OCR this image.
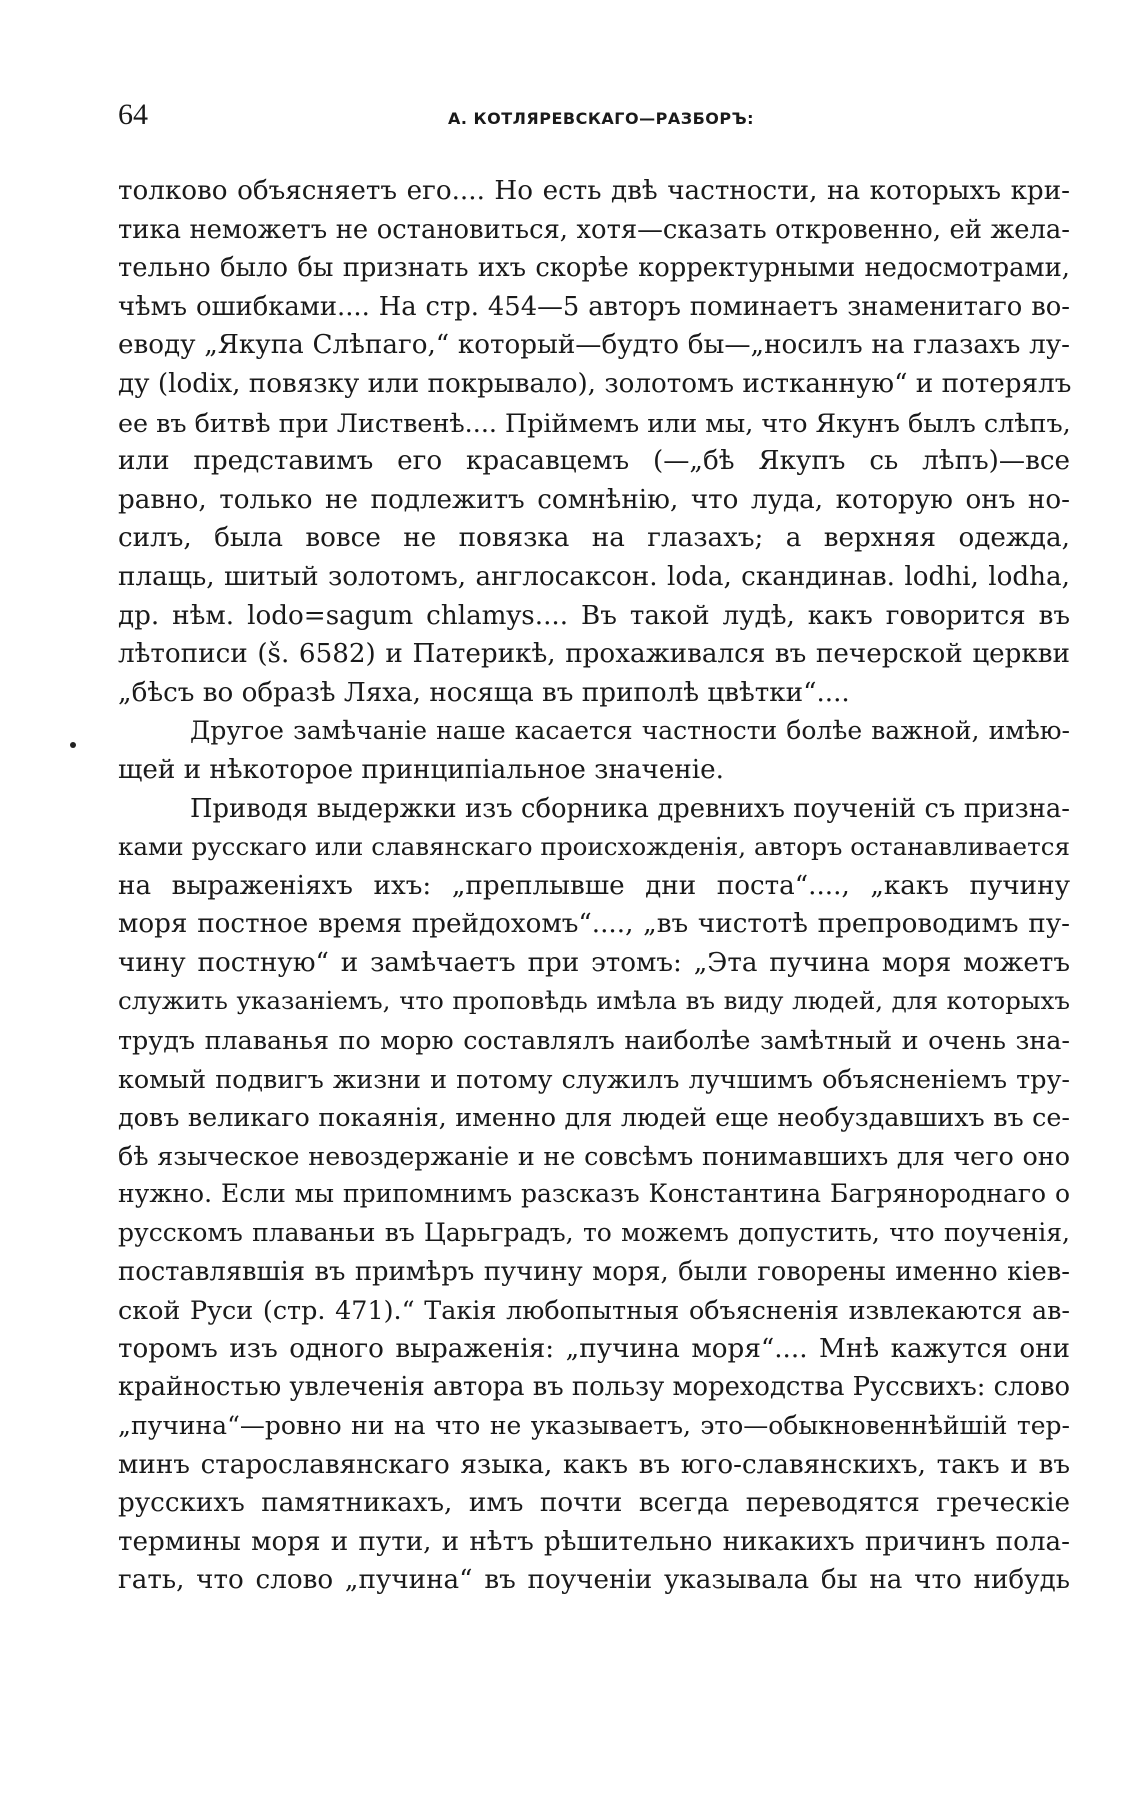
64	А. КОТЛЯРЕВСКАГО—РАЗБОРЪ:
толково объясняетъ его.... Но есть двѣ частности, на которыхъ кри-
тика неможетъ не остановиться, хотя—сказать откровенно, ей жела-
тельно было бы признать ихъ скорѣе корректурными недосмотрами,
чѣмъ ошибками.... На стр. 454—5 авторъ поминаетъ знаменитаго во-
еводу „Якупа Слѣпаго,“ который—будто бы—„носилъ на глазахъ лу-
ду (lodix, повязку или покрывало), золотомъ истканную“ и потерялъ
ее въ битвѣ при Лиственѣ.... Прiймемъ или мы, что Якунъ былъ слѣпъ,
или представимъ его красавцемъ (—„бѣ Якупъ сь лѣпъ)—все
равно, только не подлежитъ сомнѣнiю, что луда, которую онъ но-
силъ, была вовсе не повязка на глазахъ; а верхняя одежда,
плащь, шитый золотомъ, англосаксон. loda, скандинав. lodhi, lodha,
др. нѣм. lodo=sagum chlamys.... Въ такой лудѣ, какъ говорится въ
лѣтописи (š. 6582) и Патерикѣ, прохаживался въ печерской церкви
„бѣсъ во образѣ Ляха, носяща въ приполѣ цвѣтки“....
Другое замѣчанiе наше касается частности болѣе важной, имѣю-
щей и нѣкоторое принципiальное значенiе.
Приводя выдержки изъ сборника древнихъ поученiй съ призна-
ками русскаго или славянскаго происхожденiя, авторъ останавливается
на выраженiяхъ ихъ: „преплывше дни поста“...., „какъ пучину
моря постное время прейдохомъ“...., „въ чистотѣ препроводимъ пу-
чину постную“ и замѣчаетъ при этомъ: „Эта пучина моря можетъ
служить указанiемъ, что проповѣдь имѣла въ виду людей, для которыхъ
трудъ плаванья по морю составлялъ наиболѣе замѣтный и очень зна-
комый подвигъ жизни и потому служилъ лучшимъ объясненiемъ тру-
довъ великаго покаянiя, именно для людей еще необуздавшихъ въ се-
бѣ языческое невоздержанiе и не совсѣмъ понимавшихъ для чего оно
нужно. Если мы припомнимъ разсказъ Константина Багрянороднаго о
русскомъ плаваньи въ Царьградъ, то можемъ допустить, что поученiя,
поставлявшiя въ примѣръ пучину моря, были говорены именно кiев-
ской Руси (стр. 471).“ Такiя любопытныя объясненiя извлекаются ав-
торомъ изъ одного выраженiя: „пучина моря“.... Мнѣ кажутся они
крайностью увлеченiя автора въ пользу мореходства Руссвихъ: слово
„пучина“—ровно ни на что не указываетъ, это—обыкновеннѣйшiй тер-
минъ старославянскаго языка, какъ въ юго-славянскихъ, такъ и въ
русскихъ памятникахъ, имъ почти всегда переводятся греческiе
термины моря и пути, и нѣтъ рѣшительно никакихъ причинъ пола-
гать, что слово „пучина“ въ поученiи указывала бы на что нибудь
